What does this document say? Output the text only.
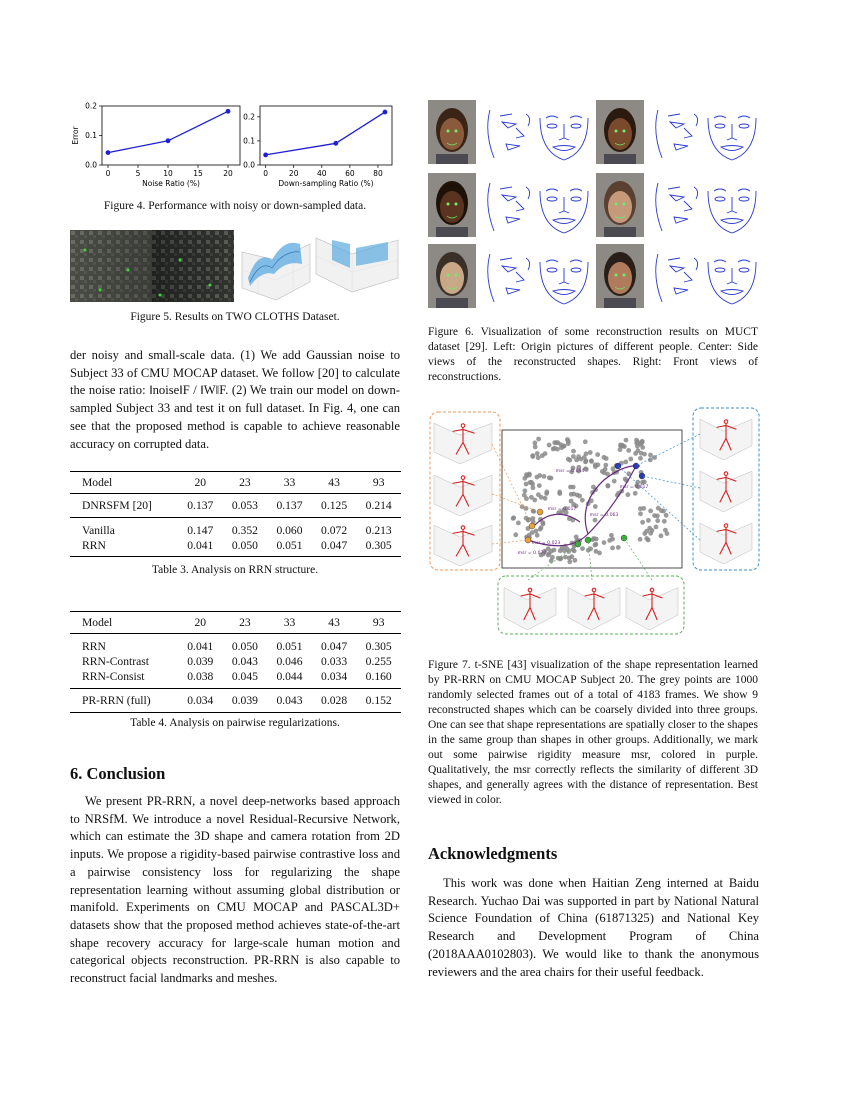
0	5	10	15	20
0.0
0.1
0.2
Noise Ratio (%)
Error
0	20 40 60 80
0.0
0.1
0.2
Down-sampling Ratio (%)
Figure 4. Performance with noisy or down-sampled data.
Figure 5. Results on TWO CLOTHS Dataset.
der noisy and small-scale data. (1) We add Gaussian noise to Subject 33 of CMU MOCAP dataset. We follow [20] to calculate the noise ratio: ‖noise‖F / ‖W‖F. (2) We train our model on down-sampled Subject 33 and test it on full dataset. In Fig. 4, one can see that the proposed method is capable to achieve reasonable accuracy on corrupted data.
Model	20	23	33	43	93
DNRSFM [20]	0.137	0.053	0.137	0.125	0.214
Vanilla	0.147	0.352	0.060	0.072	0.213
RRN	0.041	0.050	0.051	0.047	0.305
Table 3. Analysis on RRN structure.
Model	20	23	33	43	93
RRN	0.041	0.050	0.051	0.047	0.305
RRN-Contrast	0.039	0.043	0.046	0.033	0.255
RRN-Consist	0.038	0.045	0.044	0.034	0.160
PR-RRN (full)	0.034	0.039	0.043	0.028	0.152
Table 4. Analysis on pairwise regularizations.
6. Conclusion
We present PR-RRN, a novel deep-networks based approach to NRSfM. We introduce a novel Residual-Recursive Network, which can estimate the 3D shape and camera rotation from 2D inputs. We propose a rigidity-based pairwise contrastive loss and a pairwise consistency loss for regularizing the shape representation learning without assuming global distribution or manifold. Experiments on CMU MOCAP and PASCAL3D+ datasets show that the proposed method achieves state-of-the-art shape recovery accuracy for large-scale human motion and categorical objects reconstruction. PR-RRN is also capable to reconstruct facial landmarks and meshes.
Figure 6. Visualization of some reconstruction results on MUCT dataset [29]. Left: Origin pictures of different people. Center: Side views of the reconstructed shapes. Right: Front views of reconstructions.
msr = 0.044
msr = 0.017
msr = 0.017
msr = 0.063
msr = 0.023
msr = 0.070
Figure 7. t-SNE [43] visualization of the shape representation learned by PR-RRN on CMU MOCAP Subject 20. The grey points are 1000 randomly selected frames out of a total of 4183 frames. We show 9 reconstructed shapes which can be coarsely divided into three groups. One can see that shape representations are spatially closer to the shapes in the same group than shapes in other groups. Additionally, we mark out some pairwise rigidity measure msr, colored in purple. Qualitatively, the msr correctly reflects the similarity of different 3D shapes, and generally agrees with the distance of representation. Best viewed in color.
Acknowledgments
This work was done when Haitian Zeng interned at Baidu Research. Yuchao Dai was supported in part by National Natural Science Foundation of China (61871325) and National Key Research and Development Program of China (2018AAA0102803). We would like to thank the anonymous reviewers and the area chairs for their useful feedback.
